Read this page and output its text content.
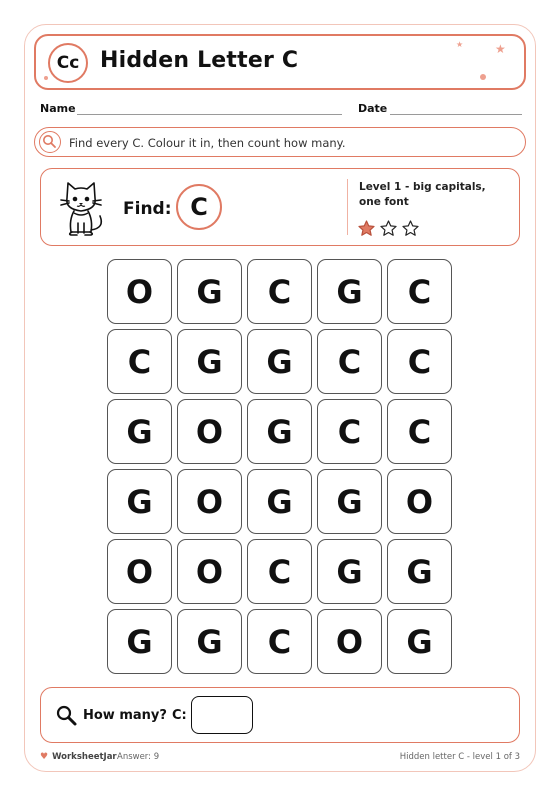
Cc Hidden Letter C
★	★
Name	Date
Find every C. Colour it in, then count how many.
Find: C
Level 1 - big capitals, one font
O	G	C	G	C
C	G	G	C	C
G	O	G	C	C
G	O	G	G	O
O	O	C	G	G
G	G	C	O	G
How many? C:
♥ WorksheetJar Answer: 9	Hidden letter C - level 1 of 3
